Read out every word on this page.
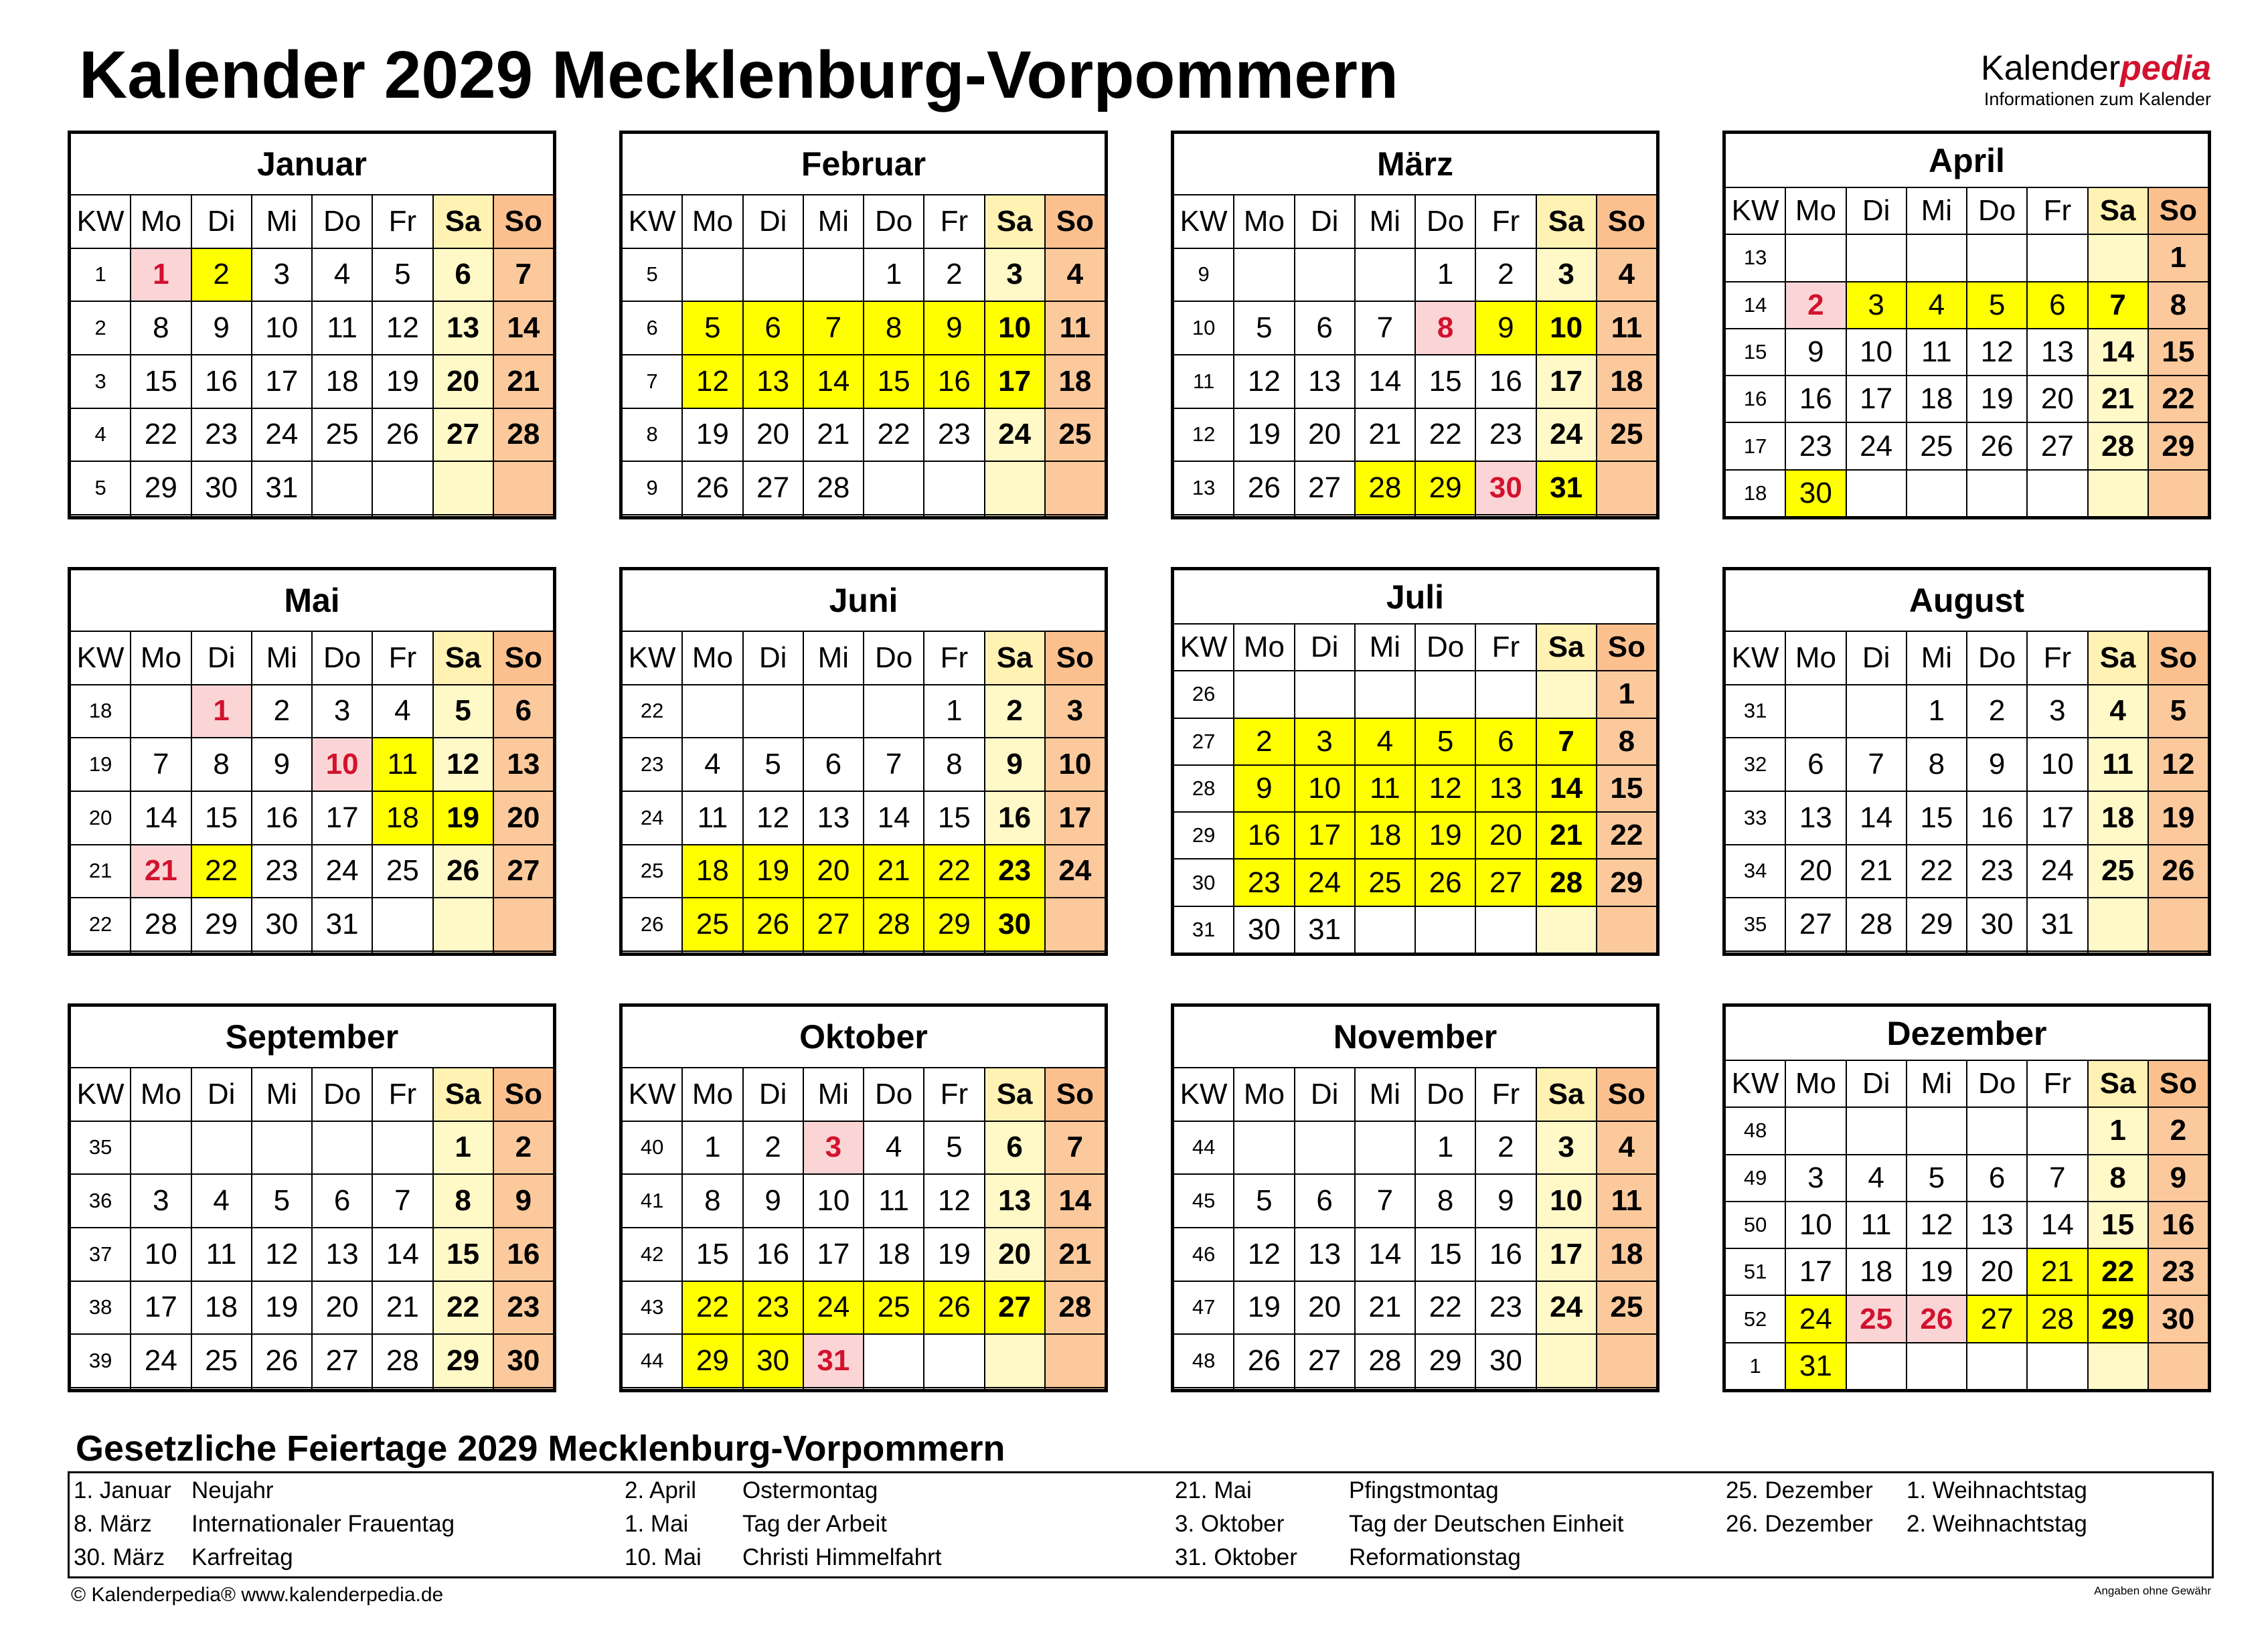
Kalender 2029 Mecklenburg-Vorpommern	Kalenderpedia
Informationen zum Kalender
Januar							
KW	Mo	Di	Mi	Do	Fr	Sa	So
1	1	2	3	4	5	6	7
2	8	9	10	11	12	13	14
3	15	16	17	18	19	20	21
4	22	23	24	25	26	27	28
5	29	30	31				

Februar							
KW	Mo	Di	Mi	Do	Fr	Sa	So
5				1	2	3	4
6	5	6	7	8	9	10	11
7	12	13	14	15	16	17	18
8	19	20	21	22	23	24	25
9	26	27	28				

März							
KW	Mo	Di	Mi	Do	Fr	Sa	So
9				1	2	3	4
10	5	6	7	8	9	10	11
11	12	13	14	15	16	17	18
12	19	20	21	22	23	24	25
13	26	27	28	29	30	31	

April							
KW	Mo	Di	Mi	Do	Fr	Sa	So
13							1
14	2	3	4	5	6	7	8
15	9	10	11	12	13	14	15
16	16	17	18	19	20	21	22
17	23	24	25	26	27	28	29
18	30						
Mai							
KW	Mo	Di	Mi	Do	Fr	Sa	So
18		1	2	3	4	5	6
19	7	8	9	10	11	12	13
20	14	15	16	17	18	19	20
21	21	22	23	24	25	26	27
22	28	29	30	31			

Juni							
KW	Mo	Di	Mi	Do	Fr	Sa	So
22					1	2	3
23	4	5	6	7	8	9	10
24	11	12	13	14	15	16	17
25	18	19	20	21	22	23	24
26	25	26	27	28	29	30	

Juli							
KW	Mo	Di	Mi	Do	Fr	Sa	So
26							1
27	2	3	4	5	6	7	8
28	9	10	11	12	13	14	15
29	16	17	18	19	20	21	22
30	23	24	25	26	27	28	29
31	30	31					
August							
KW	Mo	Di	Mi	Do	Fr	Sa	So
31			1	2	3	4	5
32	6	7	8	9	10	11	12
33	13	14	15	16	17	18	19
34	20	21	22	23	24	25	26
35	27	28	29	30	31		

September							
KW	Mo	Di	Mi	Do	Fr	Sa	So
35						1	2
36	3	4	5	6	7	8	9
37	10	11	12	13	14	15	16
38	17	18	19	20	21	22	23
39	24	25	26	27	28	29	30

Oktober							
KW	Mo	Di	Mi	Do	Fr	Sa	So
40	1	2	3	4	5	6	7
41	8	9	10	11	12	13	14
42	15	16	17	18	19	20	21
43	22	23	24	25	26	27	28
44	29	30	31				

November							
KW	Mo	Di	Mi	Do	Fr	Sa	So
44				1	2	3	4
45	5	6	7	8	9	10	11
46	12	13	14	15	16	17	18
47	19	20	21	22	23	24	25
48	26	27	28	29	30		

Dezember							
KW	Mo	Di	Mi	Do	Fr	Sa	So
48						1	2
49	3	4	5	6	7	8	9
50	10	11	12	13	14	15	16
51	17	18	19	20	21	22	23
52	24	25	26	27	28	29	30
1	31						
Gesetzliche Feiertage 2029 Mecklenburg-Vorpommern
1. Januar Neujahr
8. März Internationaler Frauentag
30. März Karfreitag
2. April Ostermontag
1. Mai Tag der Arbeit
10. Mai Christi Himmelfahrt
21. Mai	Pfingstmontag
3. Oktober	Tag der Deutschen Einheit
31. Oktober Reformationstag
25. Dezember 1. Weihnachtstag
26. Dezember 2. Weihnachtstag
© Kalenderpedia® www.kalenderpedia.de	Angaben ohne Gewähr
